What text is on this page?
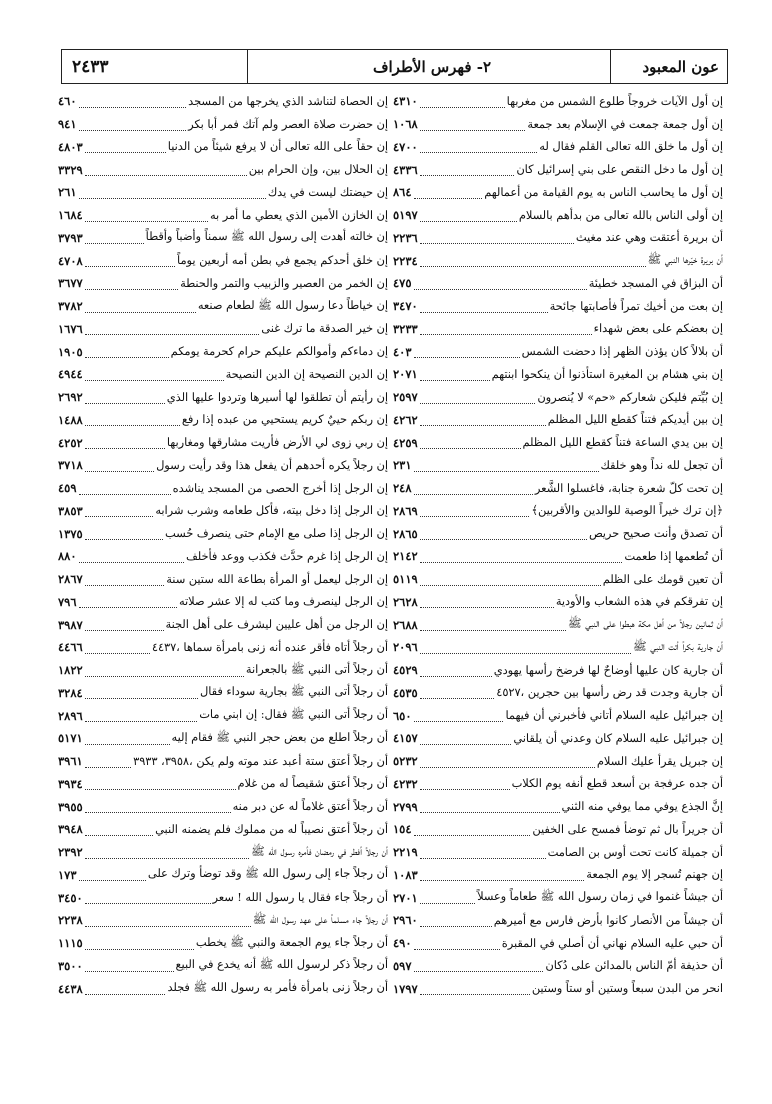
عون المعبود
٢- فهرس الأطراف
٢٤٣٣
إن أول الآيات خروجاً طلوع الشمس من مغربها
٤٣١٠
إن أول جمعة جمعت في الإسلام بعد جمعة
١٠٦٨
إن أول ما خلق الله تعالى القلم فقال له
٤٧٠٠
إن أول ما دخل النقص على بني إسرائيل كان
٤٣٣٦
إن أول ما يحاسب الناس به يوم القيامة من أعمالهم
٨٦٤
إن أولى الناس بالله تعالى من بدأهم بالسلام
٥١٩٧
أن بريرة أعتقت وهي عند مغيث
٢٢٣٦
أن بريرة خيّرها النبي ﷺ
٢٢٣٤
أن البزاق في المسجد خطيئة
٤٧٥
إن بعت من أخيك تمراً فأصابتها جائحة
٣٤٧٠
إن بعضكم على بعض شهداء
٣٢٣٣
أن بلالاً كان يؤذن الظهر إذا دحضت الشمس
٤٠٣
إن بني هشام بن المغيرة استأذنوا أن ينكحوا ابنتهم
٢٠٧١
إن بُيِّتم فليكن شعاركم «حم» لا يُنصرون
٢٥٩٧
إن بين أيديكم فتناً كقطع الليل المظلم
٤٢٦٢
إن بين يدي الساعة فتناً كقطع الليل المظلم
٤٢٥٩
أن تجعل لله نداً وهو خلقك
٢٣١
إن تحت كلّ شعرة جنابة، فاغسلوا الشَّعر
٢٤٨
﴿إن ترك خيراً الوصية للوالدين والأقربين﴾
٢٨٦٩
أن تصدق وأنت صحيح حريص
٢٨٦٥
أن تُطعمها إذا طعمت
٢١٤٢
أن تعين قومك على الظلم
٥١١٩
إن تفرقكم في هذه الشعاب والأودية
٢٦٢٨
أن ثمانين رجلاً من أهل مكة هبطوا على النبي ﷺ
٢٦٨٨
أن جارية بكراً أتت النبي ﷺ
٢٠٩٦
أن جارية كان عليها أوضاحٌ لها فرضخ رأسها يهودي
٤٥٢٩
أن جارية وجدت قد رض رأسها بين حجرين ،٤٥٢٧
٤٥٣٥
إن جبرائيل عليه السلام أتاني فأخبرني أن فيهما
٦٥٠
إن جبرائيل عليه السلام كان وعدني أن يلقاني
٤١٥٧
إن جبريل يقرأ عليك السلام
٥٢٣٢
أن جده عرفجة بن أسعد قطع أنفه يوم الكلاب
٤٢٣٢
إنَّ الجذع يوفي مما يوفي منه الثني
٢٧٩٩
أن جريراً بال ثم توضأ فمسح على الخفين
١٥٤
أن جميلة كانت تحت أوس بن الصامت
٢٢١٩
إن جهنم تُسجر إلا يوم الجمعة
١٠٨٣
أن جيشاً غنموا في زمان رسول الله ﷺ طعاماً وعسلاً
٢٧٠١
أن جيشاً من الأنصار كانوا بأرض فارس مع أميرهم
٢٩٦٠
أن حبي عليه السلام نهاني أن أصلي في المقبرة
٤٩٠
أن حذيفة أمّ الناس بالمدائن على دُكان
٥٩٧
انحر من البدن سبعاً وستين أو ستاً وستين
١٧٩٧
إن الحصاة لتناشد الذي يخرجها من المسجد
٤٦٠
إن حضرت صلاة العصر ولم آتك فمر أبا بكر
٩٤١
إن حقاً على الله تعالى أن لا يرفع شيئاً من الدنيا
٤٨٠٣
إن الحلال بين، وإن الحرام بين
٣٣٢٩
إن حيضتك ليست في يدك
٢٦١
إن الخازن الأمين الذي يعطي ما أمر به
١٦٨٤
إن خالته أهدت إلى رسول الله ﷺ سمناً وأضباً وأقطاً
٣٧٩٣
إن خلق أحدكم يجمع في بطن أمه أربعين يوماً
٤٧٠٨
إن الخمر من العصير والزبيب والتمر والحنطة
٣٦٧٧
إن خياطاً دعا رسول الله ﷺ لطعام صنعه
٣٧٨٢
إن خير الصدقة ما ترك غنى
١٦٧٦
إن دماءكم وأموالكم عليكم حرام كحرمة يومكم
١٩٠٥
إن الدين النصيحة إن الدين النصيحة
٤٩٤٤
إن رأيتم أن تطلقوا لها أسيرها وتردوا عليها الذي
٢٦٩٢
إن ربكم حييٌ كريم يستحيي من عبده إذا رفع
١٤٨٨
إن ربي زوى لي الأرض فأريت مشارقها ومغاربها
٤٢٥٢
إن رجلاً يكره أحدهم أن يفعل هذا وقد رأيت رسول
٣٧١٨
إن الرجل إذا أخرج الحصى من المسجد يناشده
٤٥٩
إن الرجل إذا دخل بيته، فأكل طعامه وشرب شرابه
٣٨٥٣
إن الرجل إذا صلى مع الإمام حتى ينصرف حُسب
١٣٧٥
إن الرجل إذا غرم حدَّث فكذب ووعد فأخلف
٨٨٠
إن الرجل ليعمل أو المرأة بطاعة الله ستين سنة
٢٨٦٧
إن الرجل لينصرف وما كتب له إلا عشر صلاته
٧٩٦
إن الرجل من أهل عليين ليشرف على أهل الجنة
٣٩٨٧
أن رجلاً أتاه فأقر عنده أنه زنى بامرأة سماها ،٤٤٣٧
٤٤٦٦
أن رجلاً أتى النبي ﷺ بالجعرانة
١٨٢٢
أن رجلاً أتى النبي ﷺ بجارية سوداء فقال
٣٢٨٤
أن رجلاً أتى النبي ﷺ فقال: إن ابني مات
٢٨٩٦
أن رجلاً اطلع من بعض حجر النبي ﷺ فقام إليه
٥١٧١
أن رجلاً أعتق ستة أعبد عند موته ولم يكن ،٣٩٥٨، ٣٩٣٣
٣٩٦١
أن رجلاً أعتق شقيصاً له من غلام
٣٩٣٤
أن رجلاً أعتق غلاماً له عن دبر منه
٣٩٥٥
أن رجلاً أعتق نصيباً له من مملوك فلم يضمنه النبي
٣٩٤٨
أن رجلاً أفطر في رمضان فأمره رسول الله ﷺ
٢٣٩٢
أن رجلاً جاء إلى رسول الله ﷺ وقد توضأ وترك على
١٧٣
أن رجلاً جاء فقال يا رسول الله ! سعر
٣٤٥٠
أن رجلاً جاء مسلماً على عهد رسول الله ﷺ
٢٢٣٨
أن رجلاً جاء يوم الجمعة والنبي ﷺ يخطب
١١١٥
أن رجلاً ذكر لرسول الله ﷺ أنه يخدع في البيع
٣٥٠٠
أن رجلاً زنى بامرأة فأمر به رسول الله ﷺ فجلد
٤٤٣٨
